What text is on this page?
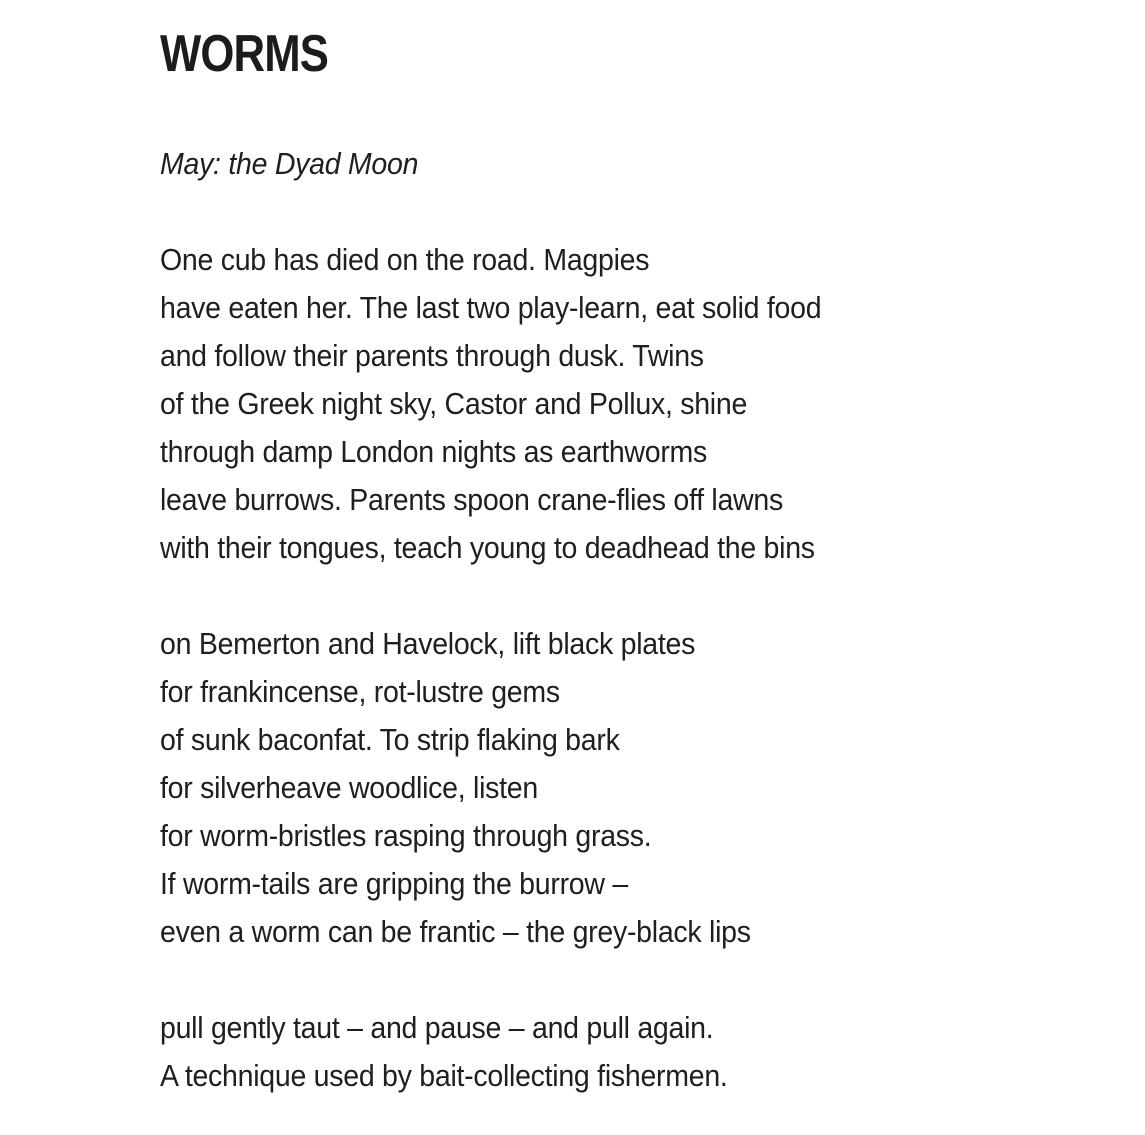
WORMS
May: the Dyad Moon
One cub has died on the road. Magpies
have eaten her. The last two play-learn, eat solid food
and follow their parents through dusk. Twins
of the Greek night sky, Castor and Pollux, shine
through damp London nights as earthworms
leave burrows. Parents spoon crane-flies off lawns
with their tongues, teach young to deadhead the bins
on Bemerton and Havelock, lift black plates
for frankincense, rot-lustre gems
of sunk baconfat. To strip flaking bark
for silverheave woodlice, listen
for worm-bristles rasping through grass.
If worm-tails are gripping the burrow –
even a worm can be frantic – the grey-black lips
pull gently taut – and pause – and pull again.
A technique used by bait-collecting fishermen.
